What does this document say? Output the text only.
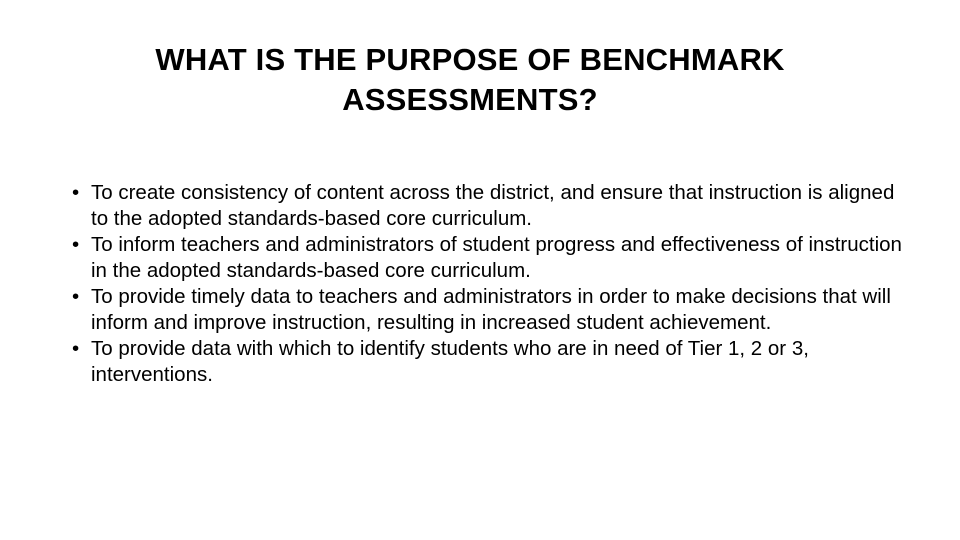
WHAT IS THE PURPOSE OF BENCHMARK ASSESSMENTS?
• To create consistency of content across the district, and ensure that instruction is aligned to the adopted standards-based core curriculum.
• To inform teachers and administrators of student progress and effectiveness of instruction in the adopted standards-based core curriculum.
• To provide timely data to teachers and administrators in order to make decisions that will inform and improve instruction, resulting in increased student achievement.
• To provide data with which to identify students who are in need of Tier 1, 2 or 3, interventions.
